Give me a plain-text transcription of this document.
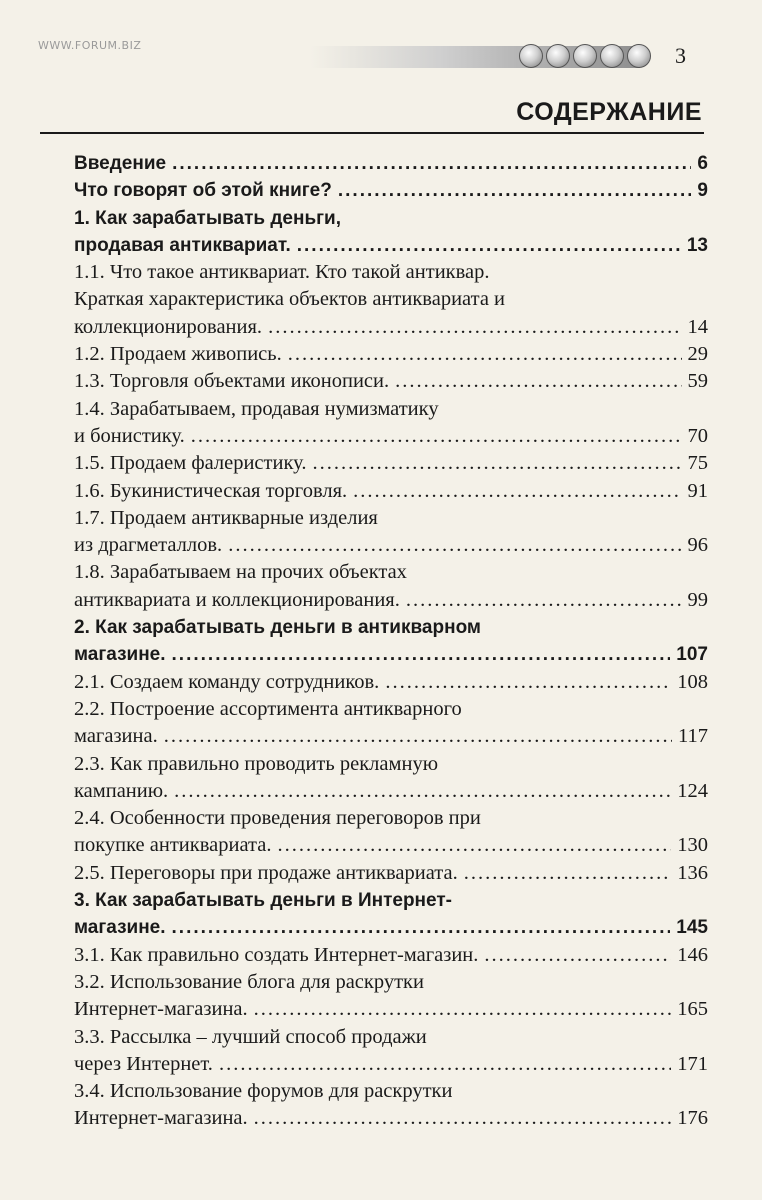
WWW.FORUM.BIZ	3
СОДЕРЖАНИЕ
Введение .....	6
Что говорят об этой книге? .....	9
1. Как зарабатывать деньги,
продавая антиквариат. .....	13
1.1. Что такое антиквариат. Кто такой антиквар.
Краткая характеристика объектов антиквариата и
коллекционирования. .....	14
1.2. Продаем живопись. .....	29
1.3. Торговля объектами иконописи. .....	59
1.4. Зарабатываем, продавая нумизматику
и бонистику. .....	70
1.5. Продаем фалеристику. .....	75
1.6. Букинистическая торговля. .....	91
1.7. Продаем антикварные изделия
из драгметаллов. .....	96
1.8. Зарабатываем на прочих объектах
антиквариата и коллекционирования. .....	99
2. Как зарабатывать деньги в антикварном
магазине. .....	107
2.1. Создаем команду сотрудников. .....	108
2.2. Построение ассортимента антикварного
магазина. .....	117
2.3. Как правильно проводить рекламную
кампанию. .....	124
2.4. Особенности проведения переговоров при
покупке антиквариата. .....	130
2.5. Переговоры при продаже антиквариата. .....	136
3. Как зарабатывать деньги в Интернет-
магазине. .....	145
3.1. Как правильно создать Интернет-магазин. .....	146
3.2. Использование блога для раскрутки
Интернет-магазина. .....	165
3.3. Рассылка – лучший способ продажи
через Интернет. .....	171
3.4. Использование форумов для раскрутки
Интернет-магазина. .....	176
